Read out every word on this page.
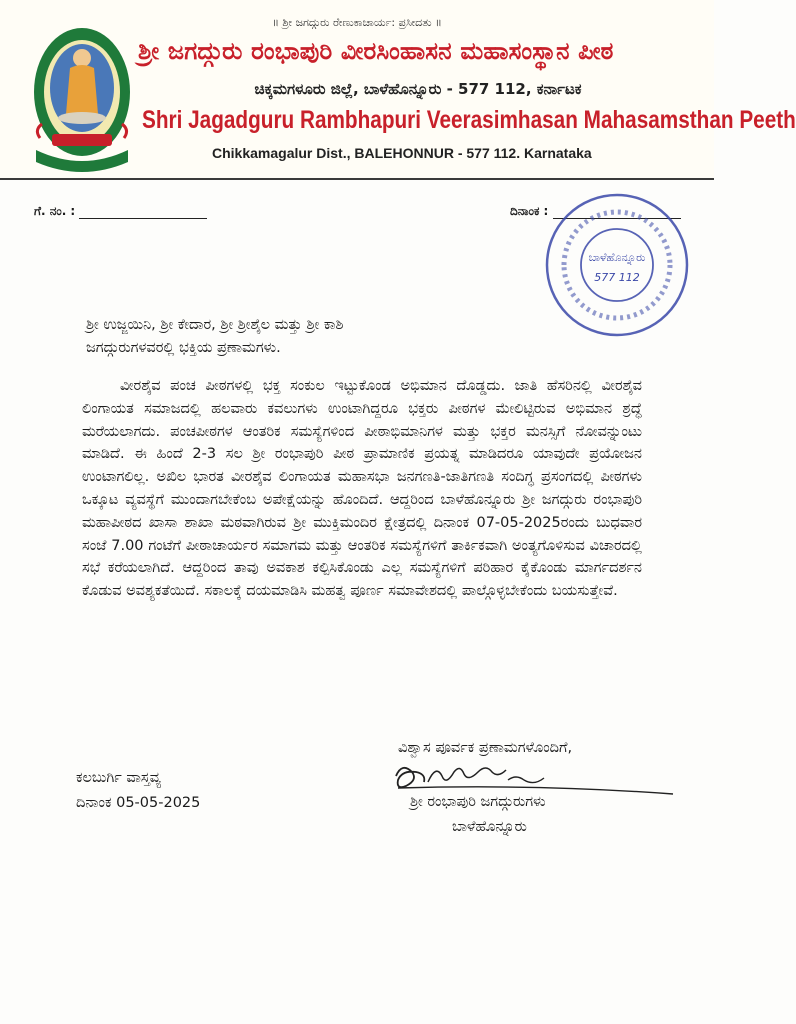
॥ ಶ್ರೀ ಜಗದ್ಗುರು ರೇಣುಕಾಚಾರ್ಯ: ಪ್ರಸೀದತು ॥
ಶ್ರೀ ಜಗದ್ಗುರು ರಂಭಾಪುರಿ ವೀರಸಿಂಹಾಸನ ಮಹಾಸಂಸ್ಥಾನ ಪೀಠ
ಚಿಕ್ಕಮಗಳೂರು ಜಿಲ್ಲೆ, ಬಾಳೆಹೊನ್ನೂರು - 577 112, ಕರ್ನಾಟಕ
Shri Jagadguru Rambhapuri Veerasimhasan Mahasamsthan Peeth
Chikkamagalur Dist., BALEHONNUR - 577 112. Karnataka
ಗೆ. ನಂ. :	ದಿನಾಂಕ :
ಬಾಳೆಹೊನ್ನೂರು
577 112
ಶ್ರೀ ಉಜ್ಜಯಿನಿ, ಶ್ರೀ ಕೇದಾರ, ಶ್ರೀ ಶ್ರೀಶೈಲ ಮತ್ತು ಶ್ರೀ ಕಾಶಿ
ಜಗದ್ಗುರುಗಳವರಲ್ಲಿ ಭಕ್ತಿಯ ಪ್ರಣಾಮಗಳು.
ವೀರಶೈವ ಪಂಚ ಪೀಠಗಳಲ್ಲಿ ಭಕ್ತ ಸಂಕುಲ ಇಟ್ಟುಕೊಂಡ ಅಭಿಮಾನ ದೊಡ್ಡದು. ಜಾತಿ ಹೆಸರಿನಲ್ಲಿ ವೀರಶೈವ ಲಿಂಗಾಯತ ಸಮಾಜದಲ್ಲಿ ಹಲವಾರು ಕವಲುಗಳು ಉಂಟಾಗಿದ್ದರೂ ಭಕ್ತರು ಪೀಠಗಳ ಮೇಲಿಟ್ಟಿರುವ ಅಭಿಮಾನ ಶ್ರದ್ಧೆ ಮರೆಯಲಾಗದು. ಪಂಚಪೀಠಗಳ ಆಂತರಿಕ ಸಮಸ್ಯೆಗಳಿಂದ ಪೀಠಾಭಿಮಾನಿಗಳ ಮತ್ತು ಭಕ್ತರ ಮನಸ್ಸಿಗೆ ನೋವನ್ನುಂಟು ಮಾಡಿದೆ. ಈ ಹಿಂದೆ 2-3 ಸಲ ಶ್ರೀ ರಂಭಾಪುರಿ ಪೀಠ ಪ್ರಾಮಾಣಿಕ ಪ್ರಯತ್ನ ಮಾಡಿದರೂ ಯಾವುದೇ ಪ್ರಯೋಜನ ಉಂಟಾಗಲಿಲ್ಲ. ಅಖಿಲ ಭಾರತ ವೀರಶೈವ ಲಿಂಗಾಯತ ಮಹಾಸಭಾ ಜನಗಣತಿ-ಜಾತಿಗಣತಿ ಸಂದಿಗ್ಧ ಪ್ರಸಂಗದಲ್ಲಿ ಪೀಠಗಳು ಒಕ್ಕೂಟ ವ್ಯವಸ್ಥೆಗೆ ಮುಂದಾಗಬೇಕೆಂಬ ಅಪೇಕ್ಷೆಯನ್ನು ಹೊಂದಿದೆ. ಆದ್ದರಿಂದ ಬಾಳೆಹೊನ್ನೂರು ಶ್ರೀ ಜಗದ್ಗುರು ರಂಭಾಪುರಿ ಮಹಾಪೀಠದ ಖಾಸಾ ಶಾಖಾ ಮಠವಾಗಿರುವ ಶ್ರೀ ಮುಕ್ತಿಮಂದಿರ ಕ್ಷೇತ್ರದಲ್ಲಿ ದಿನಾಂಕ 07-05-2025ರಂದು ಬುಧವಾರ ಸಂಜೆ 7.00 ಗಂಟೆಗೆ ಪೀಠಾಚಾರ್ಯರ ಸಮಾಗಮ ಮತ್ತು ಆಂತರಿಕ ಸಮಸ್ಯೆಗಳಿಗೆ ತಾರ್ಕಿಕವಾಗಿ ಅಂತ್ಯಗೊಳಿಸುವ ವಿಚಾರದಲ್ಲಿ ಸಭೆ ಕರೆಯಲಾಗಿದೆ. ಆದ್ದರಿಂದ ತಾವು ಅವಕಾಶ ಕಲ್ಪಿಸಿಕೊಂಡು ಎಲ್ಲ ಸಮಸ್ಯೆಗಳಿಗೆ ಪರಿಹಾರ ಕೈಕೊಂಡು ಮಾರ್ಗದರ್ಶನ ಕೊಡುವ ಅವಶ್ಯಕತೆಯಿದೆ. ಸಕಾಲಕ್ಕೆ ದಯಮಾಡಿಸಿ ಮಹತ್ವ ಪೂರ್ಣ ಸಮಾವೇಶದಲ್ಲಿ ಪಾಲ್ಗೊಳ್ಳಬೇಕೆಂದು ಬಯಸುತ್ತೇವೆ.
ವಿಶ್ವಾಸ ಪೂರ್ವಕ ಪ್ರಣಾಮಗಳೊಂದಿಗೆ,
ಶ್ರೀ ರಂಭಾಪುರಿ ಜಗದ್ಗುರುಗಳು
ಬಾಳೆಹೊನ್ನೂರು
ಕಲಬುರ್ಗಿ ವಾಸ್ತವ್ಯ
ದಿನಾಂಕ 05-05-2025
